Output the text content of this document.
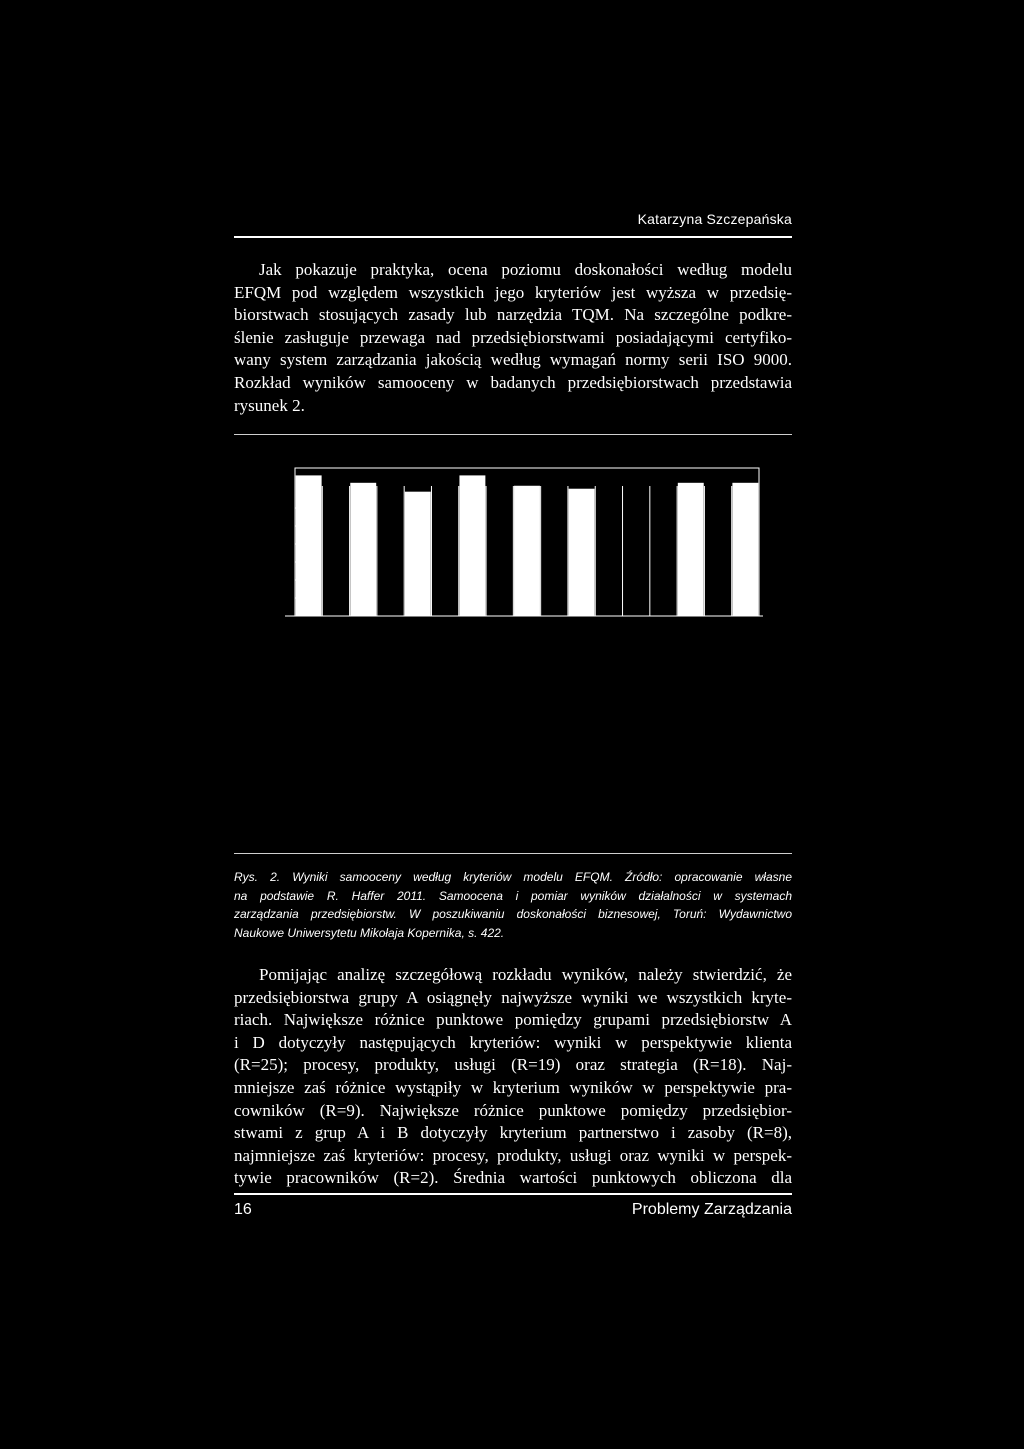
Katarzyna Szczepańska
Jak pokazuje praktyka, ocena poziomu doskonałości według modelu
EFQM pod względem wszystkich jego kryteriów jest wyższa w przedsię-
biorstwach stosujących zasady lub narzędzia TQM. Na szczególne podkre-
ślenie zasługuje przewaga nad przedsiębiorstwami posiadającymi certyfiko-
wany system zarządzania jakością według wymagań normy serii ISO 9000.
Rozkład wyników samooceny w badanych przedsiębiorstwach przedstawia
rysunek 2.
Rys. 2. Wyniki samooceny według kryteriów modelu EFQM. Źródło: opracowanie własne
na podstawie R. Haffer 2011. Samoocena i pomiar wyników działalności w systemach
zarządzania przedsiębiorstw. W poszukiwaniu doskonałości biznesowej, Toruń: Wydawnictwo
Naukowe Uniwersytetu Mikołaja Kopernika, s. 422.
Pomijając analizę szczegółową rozkładu wyników, należy stwierdzić, że
przedsiębiorstwa grupy A osiągnęły najwyższe wyniki we wszystkich kryte-
riach. Największe różnice punktowe pomiędzy grupami przedsiębiorstw A
i D dotyczyły następujących kryteriów: wyniki w perspektywie klienta
(R=25); procesy, produkty, usługi (R=19) oraz strategia (R=18). Naj-
mniejsze zaś różnice wystąpiły w kryterium wyników w perspektywie pra-
cowników (R=9). Największe różnice punktowe pomiędzy przedsiębior-
stwami z grup A i B dotyczyły kryterium partnerstwo i zasoby (R=8),
najmniejsze zaś kryteriów: procesy, produkty, usługi oraz wyniki w perspek-
tywie pracowników (R=2). Średnia wartości punktowych obliczona dla
16	Problemy Zarządzania
